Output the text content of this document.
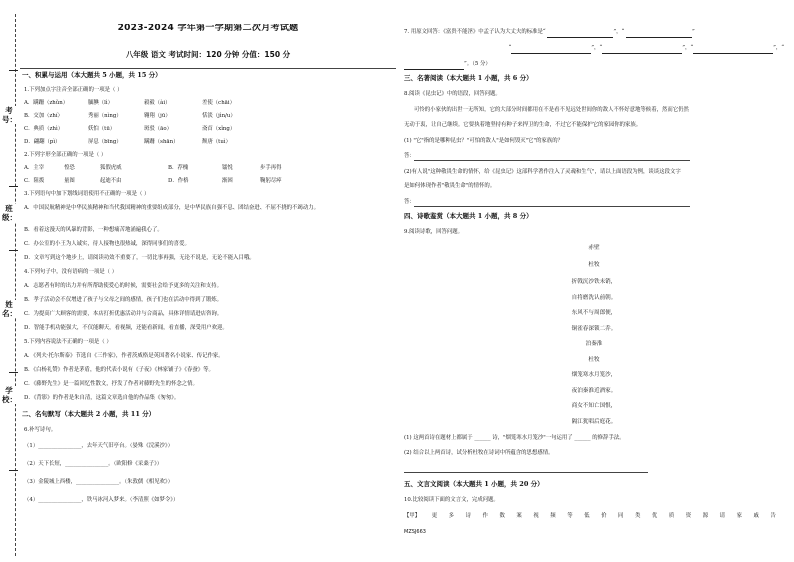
考号：
班级：
姓名：
学校：
2023-2024 学年第一学期第二次月考试题
八年级 语文 考试时间：120 分钟 分值：150 分
一、积累与运用（本大题共 5 小题，共 15 分）
1.下列加点字注音全部正确的一项是（ ）
A．蹒跚（zhǔn）	腼腆（lì）	毅毅（ài）	差使（chāi）
B．交加（zhí）	秀丽（nìng）	翱翔（jū）	恬淡（jìn/u）
C．典质（zhì）	妖怕（tū）	斑驳（āo）	斋首（xǐng）
D．翩翻（pì）	屏息（bīng）	蹒跚（shān）	颓唐（tuì）
2.下列字形全部正确的一项是（ ）
A．主宰	惶恐	狐假虎威	B．荐槐	镭悦	步手再得
C．阻拨	量图	起迪不由	D．作格	渐困	鞠躬尽瘁
3.下列语句中加下划线词语使用不正确的一项是（ ）
A．中国民航精神是中华民族精神和当代我国精神的重要组成部分，是中华民族自强不息、团结奋进、不屈不挠的不竭动力。
B．看着这漫天的风暴的背影，一种想痛苦地涌遍我心了。
C．办公室的小王为人诚实，待人接物也很热诚，深得同事们的喜爱。
D．文章写到这个地步上，请阅读功效不重要了，一切比事再强，无论不说是，无论不能入目哦。
4.下列句子中，没有语病的一项是（ ）
A．志愿者有时的出力并有所帮助使爱心的时候，需要社会给予更多的关注和支持。
B．孝子活动会不仅增进了孩子与父母之间的感情，孩子们也在活动中得到了锻炼。
C．为提高广大顾客的需要，本店打折优惠活动并与合商品，具体详情请进店咨询。
D．智能手机功能强大，不仅能聊天，看视频，还能看新闻，看直播，深受用户欢迎。
5.下列内容说法不正确的一项是（ ）
A．《列夫·托尔斯泰》节选自《三作家》，作者茨威格是英国著名小说家、传记作家。
B．《白杨礼赞》作者是茅盾，他的代表小说有《子夜》《林家铺子》《春蚕》等。
C．《藤野先生》是一篇回忆性散文，抒发了作者对藤野先生的怀念之情。
D．《背影》的作者是朱自清，这篇文章选自他的作品集《匆匆》。
二、名句默写（本大题共 2 小题，共 11 分）
6.补写诗句。
（1）________________，去年天气旧亭台。（晏殊《浣溪沙》）
（2）天下长短，________________。（欧阳修《采桑子》）
（3）金陵城上西楼，________________。（朱敦儒《相见欢》）
（4）________________，铁马冰河入梦来。（李清照《如梦令》）
7. 用原文回答：《富贵不能淫》中孟子认为大丈夫的标准是“	”，“	”
“	”，“	”，“	”，“
”。（5 分）
三、名著阅读（本大题共 1 小题，共 6 分）
8.阅读《昆虫记》中的语段，回答问题。
可怜的小家伙的出世一无所知，它的大部分时间都用在不是看不见远处世间你的敌人不怀好意地等候着，然而它仍然
无动于衷，让自己继续。它要执着地坚持有种子来捍卫的生命，不过它不能保护它的家园你的家族。
(1) "它"指的是哪种昆虫？"可怕的敌人"是如何毁灭"它"的家族的？
答：
(2)有人说"这种敬畏生命的情怀，给《昆虫记》这部科学著作注入了灵魂和生气"，请以上面语段为例，谈谈这段文字
是如何体现作者"敬畏生命"的情怀的。
答：
四、诗歌鉴赏（本大题共 1 小题，共 8 分）
9.阅读诗歌，回答问题。
赤壁
杜牧
折戟沉沙铁未销，
自将磨洗认前朝。
东风不与周郎便，
铜雀春深锁二乔。
泊秦淮
杜牧
烟笼寒水月笼沙，
夜泊秦淮近酒家。
商女不知亡国恨，
隔江犹唱后庭花。
(1) 这两首诗在题材上都属于 ______ 诗，"烟笼寒水月笼沙"一句运用了 ______ 的修辞手法。
(2) 结合以上两首诗，试分析杜牧在诗词中所蕴含的思想感情。
五、文言文阅读（本大题共 1 小题，共 20 分）
10.比较阅读下面的文言文，完成问题。
【甲】 更 多 诗 作 数 案 视 频 等 低 价 同 类 优 质 资 源 请 家 戚 告
MZSJ663
